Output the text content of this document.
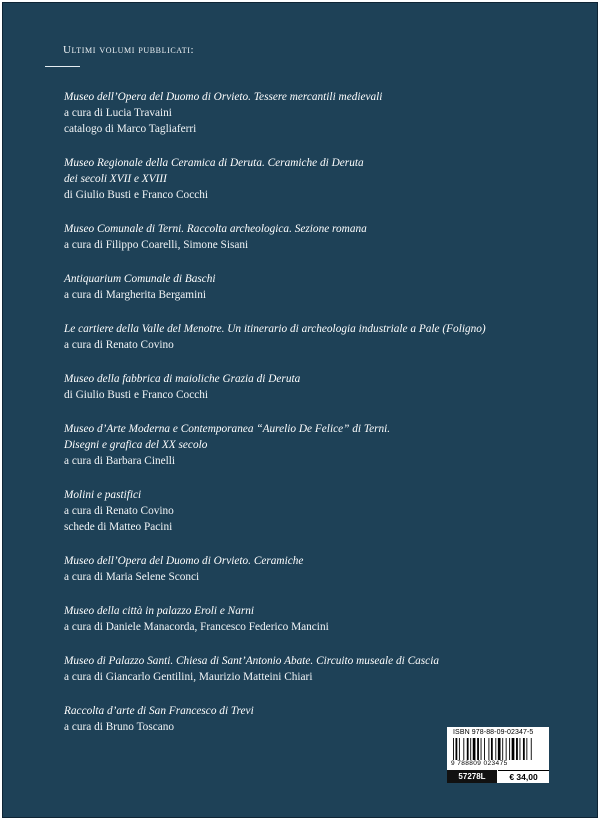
Ultimi volumi pubblicati:
Museo dell’Opera del Duomo di Orvieto. Tessere mercantili medievali
a cura di Lucia Travaini
catalogo di Marco Tagliaferri
Museo Regionale della Ceramica di Deruta. Ceramiche di Deruta
dei secoli XVII e XVIII
di Giulio Busti e Franco Cocchi
Museo Comunale di Terni. Raccolta archeologica. Sezione romana
a cura di Filippo Coarelli, Simone Sisani
Antiquarium Comunale di Baschi
a cura di Margherita Bergamini
Le cartiere della Valle del Menotre. Un itinerario di archeologia industriale a Pale (Foligno)
a cura di Renato Covino
Museo della fabbrica di maioliche Grazia di Deruta
di Giulio Busti e Franco Cocchi
Museo d’Arte Moderna e Contemporanea “Aurelio De Felice” di Terni.
Disegni e grafica del XX secolo
a cura di Barbara Cinelli
Molini e pastifici
a cura di Renato Covino
schede di Matteo Pacini
Museo dell’Opera del Duomo di Orvieto. Ceramiche
a cura di Maria Selene Sconci
Museo della città in palazzo Eroli e Narni
a cura di Daniele Manacorda, Francesco Federico Mancini
Museo di Palazzo Santi. Chiesa di Sant’Antonio Abate. Circuito museale di Cascia
a cura di Giancarlo Gentilini, Maurizio Matteini Chiari
Raccolta d’arte di San Francesco di Trevi
a cura di Bruno Toscano	ISBN 978-88-09-02347-5
9 788809 023475
57278L	€ 34,00
